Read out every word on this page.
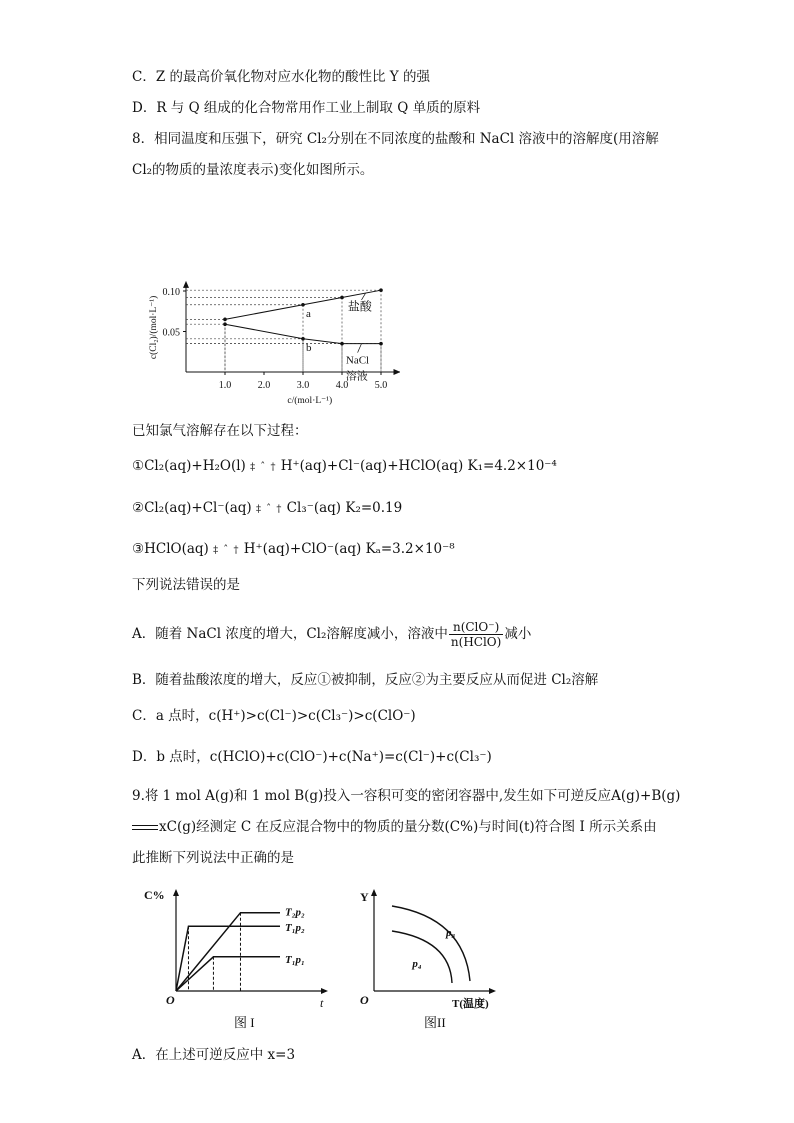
C．Z 的最高价氧化物对应水化物的酸性比 Y 的强
D．R 与 Q 组成的化合物常用作工业上制取 Q 单质的原料
8．相同温度和压强下，研究 Cl₂分别在不同浓度的盐酸和 NaCl 溶液中的溶解度(用溶解
Cl₂的物质的量浓度表示)变化如图所示。
1.0	2.0	3.0	4.0	5.0
0.05
0.10
盐酸
NaCl
溶液
a
b
c/(mol·L⁻¹)
c(Cl₂)/(mol·L⁻¹)
已知氯气溶解存在以下过程：
①Cl₂(aq)+H₂O(l) ‡ ˆ † H⁺(aq)+Cl⁻(aq)+HClO(aq) K₁=4.2×10⁻⁴
②Cl₂(aq)+Cl⁻(aq) ‡ ˆ † Cl₃⁻(aq) K₂=0.19
③HClO(aq) ‡ ˆ † H⁺(aq)+ClO⁻(aq) Kₐ=3.2×10⁻⁸
下列说法错误的是
A．随着 NaCl 浓度的增大，Cl₂溶解度减小，溶液中 $\frac{\text{n(ClO⁻)}}{\text{n(HClO)}}$ 减小
B．随着盐酸浓度的增大，反应①被抑制，反应②为主要反应从而促进 Cl₂溶解
C．a 点时，c(H⁺)>c(Cl⁻)>c(Cl₃⁻)>c(ClO⁻)
D．b 点时，c(HClO)+c(ClO⁻)+c(Na⁺)=c(Cl⁻)+c(Cl₃⁻)
9.将 1 mol A(g)和 1 mol B(g)投入一容积可变的密闭容器中,发生如下可逆反应A(g)+B(g)
xC(g)经测定 C 在反应混合物中的物质的量分数(C%)与时间(t)符合图 I 所示关系由
此推断下列说法中正确的是
C%
t
O
T₂p₂
T₁p₂
T₁p₁
图 I
Y
T(温度)
O
p₃
p₄
图II
A．在上述可逆反应中 x=3
